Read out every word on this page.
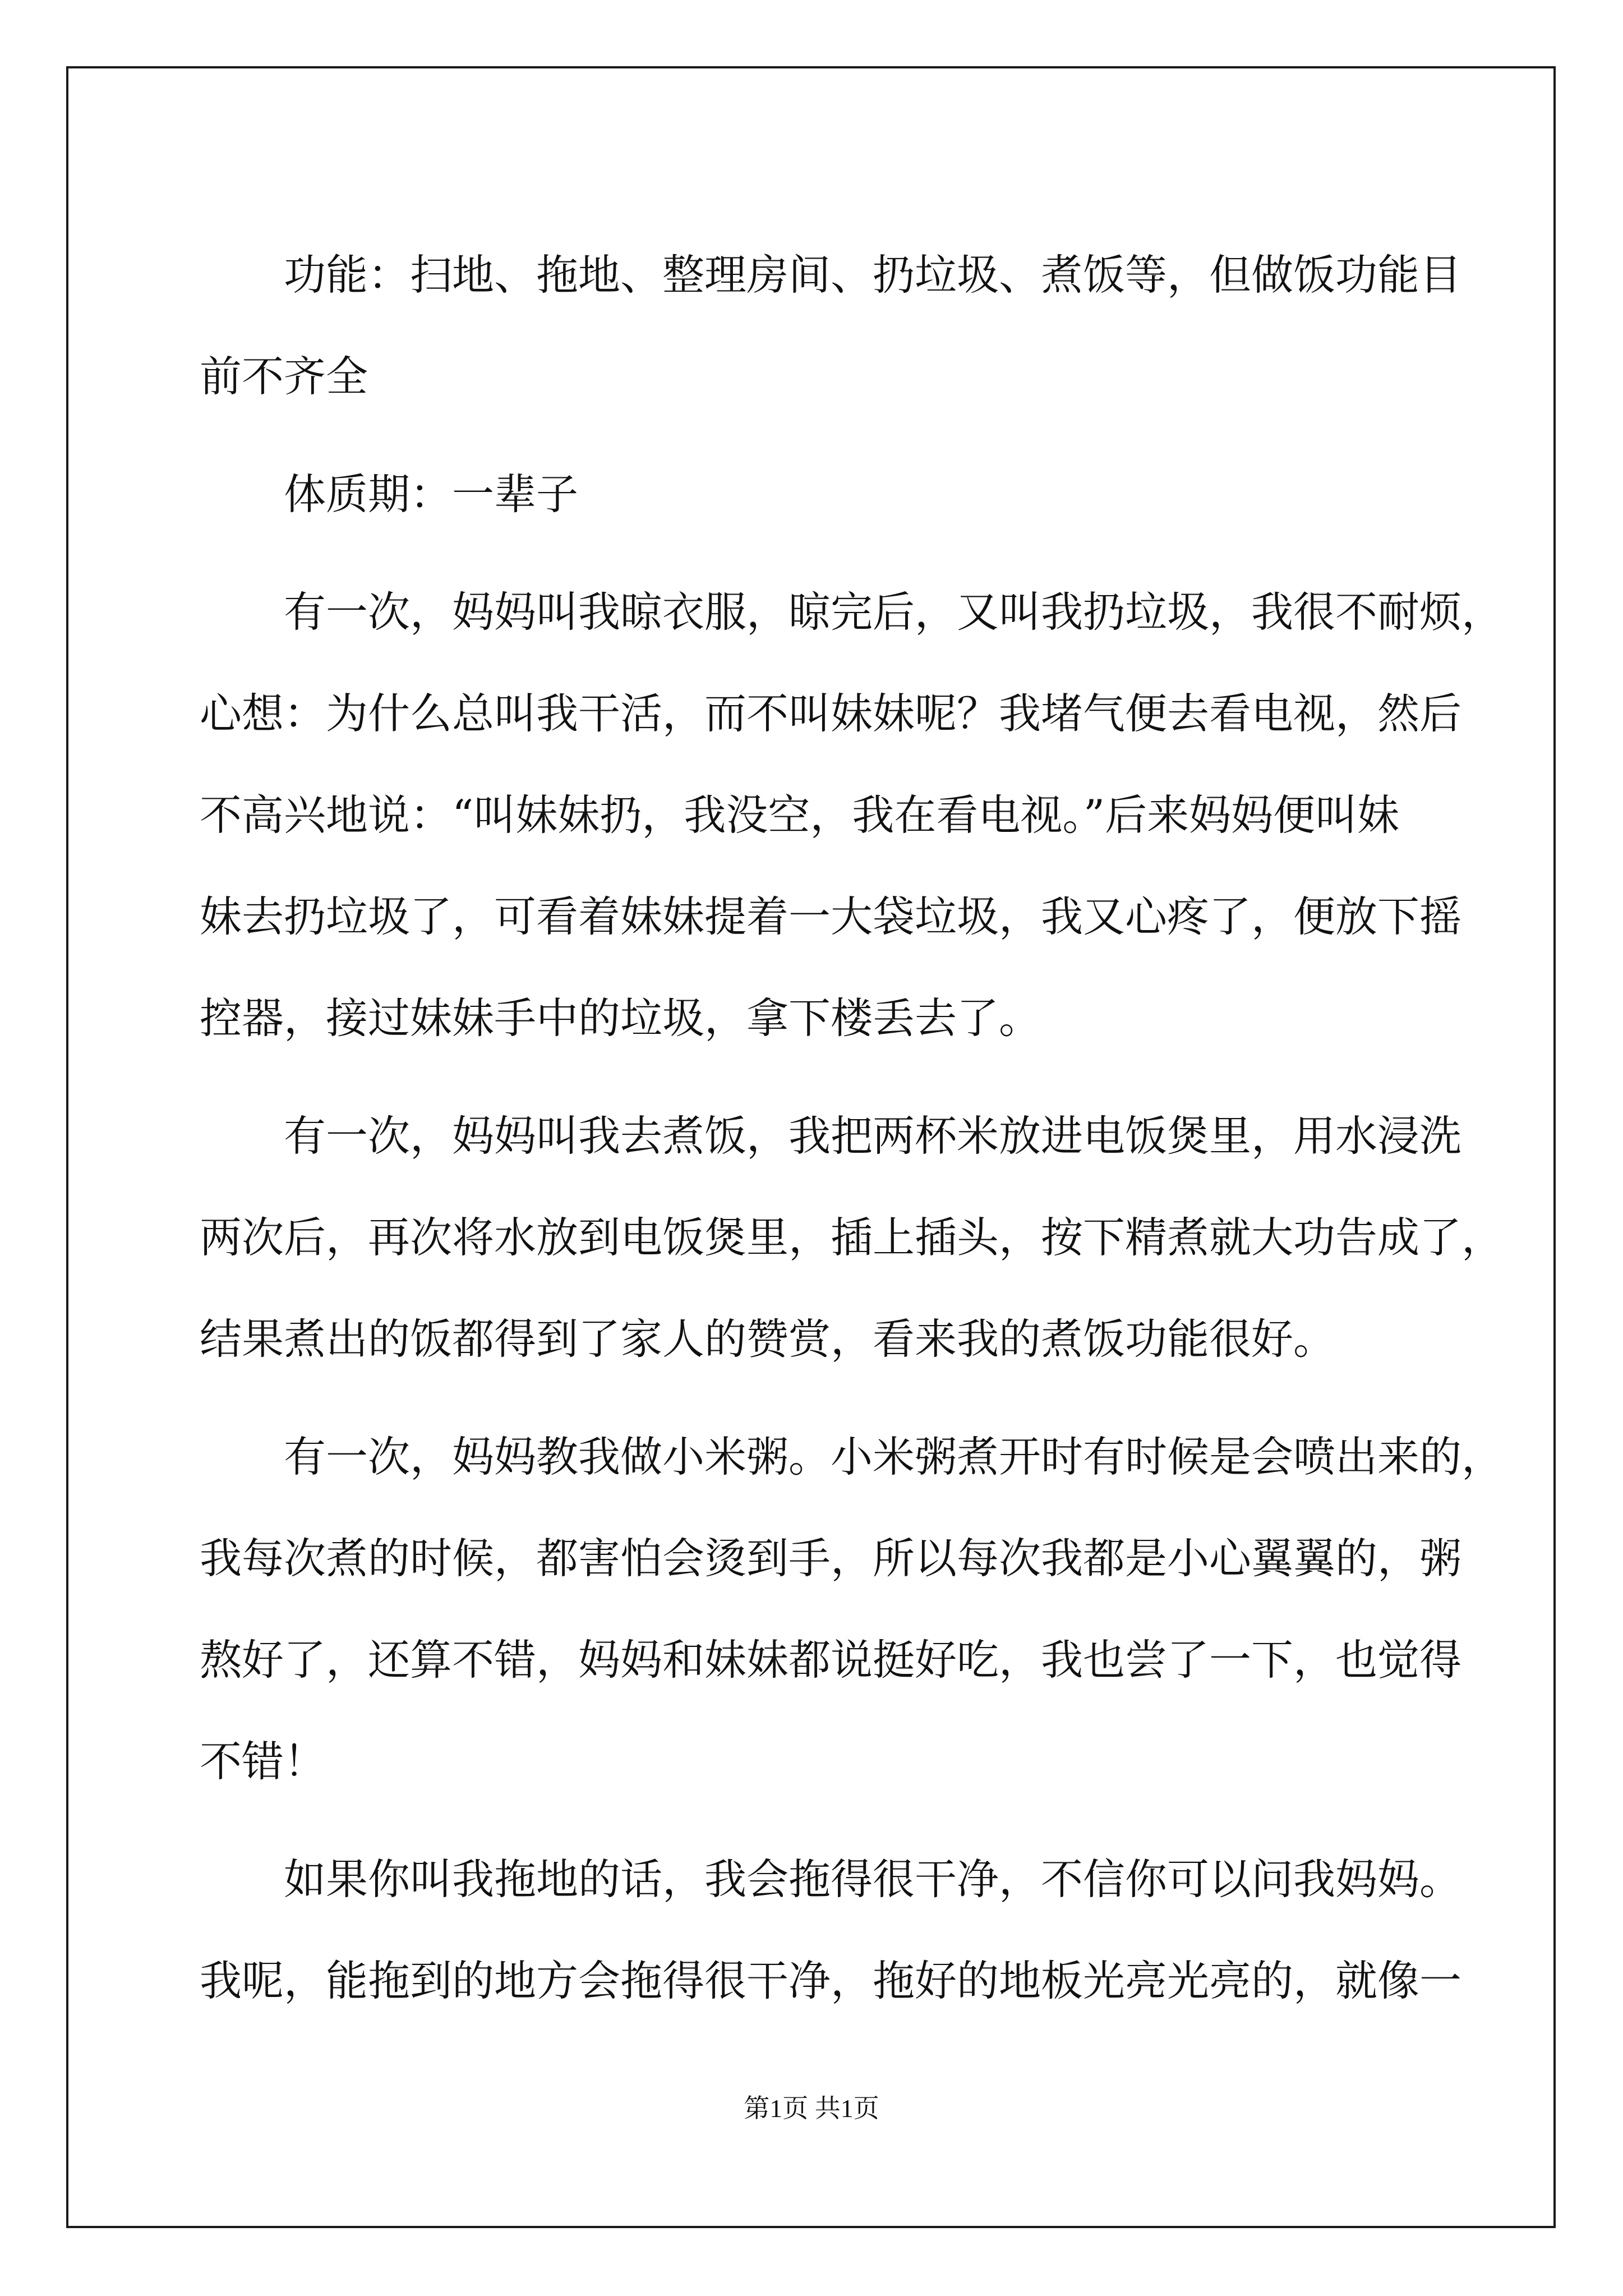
功能：扫地、拖地、整理房间、扔垃圾、煮饭等，但做饭功能目
前不齐全

体质期：一辈子

有一次，妈妈叫我晾衣服，晾完后，又叫我扔垃圾，我很不耐烦，
心想：为什么总叫我干活，而不叫妹妹呢？我堵气便去看电视，然后
不高兴地说：“叫妹妹扔，我没空，我在看电视。”后来妈妈便叫妹
妹去扔垃圾了，可看着妹妹提着一大袋垃圾，我又心疼了，便放下摇
控器，接过妹妹手中的垃圾，拿下楼丢去了。

有一次，妈妈叫我去煮饭，我把两杯米放进电饭煲里，用水浸洗
两次后，再次将水放到电饭煲里，插上插头，按下精煮就大功告成了，
结果煮出的饭都得到了家人的赞赏，看来我的煮饭功能很好。

有一次，妈妈教我做小米粥。小米粥煮开时有时候是会喷出来的，
我每次煮的时候，都害怕会烫到手，所以每次我都是小心翼翼的，粥
熬好了，还算不错，妈妈和妹妹都说挺好吃，我也尝了一下，也觉得
不错！

如果你叫我拖地的话，我会拖得很干净，不信你可以问我妈妈。
我呢，能拖到的地方会拖得很干净，拖好的地板光亮光亮的，就像一

第1页 共1页
